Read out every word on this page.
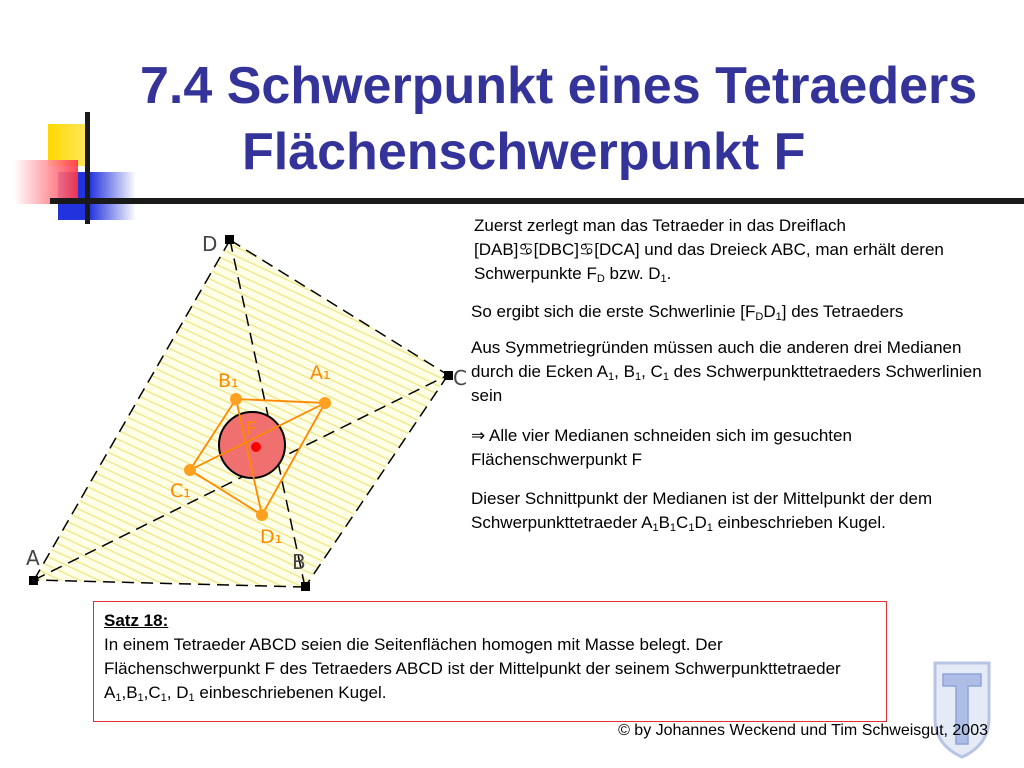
7.4 Schwerpunkt eines Tetraeders
Flächenschwerpunkt F
D
C
A	B
A₁
B₁
C₁
D₁
F

Zuerst zerlegt man das Tetraeder in das Dreiflach [DAB]♋[DBC]♋[DCA] und das Dreieck ABC, man erhält deren Schwerpunkte $F_D$ bzw. $D_1$.

So ergibt sich die erste Schwerlinie $[F_DD_1]$ des Tetraeders

Aus Symmetriegründen müssen auch die anderen drei Medianen durch die Ecken $A_1$, $B_1$, $C_1$ des Schwerpunkttetraeders Schwerlinien sein

⇒ Alle vier Medianen schneiden sich im gesuchten Flächenschwerpunkt F

Dieser Schnittpunkt der Medianen ist der Mittelpunkt der dem Schwerpunkttetraeder $A_1B_1C_1D_1$ einbeschrieben Kugel.

Satz 18:
In einem Tetraeder ABCD seien die Seitenflächen homogen mit Masse belegt. Der Flächenschwerpunkt F des Tetraeders ABCD ist der Mittelpunkt der seinem Schwerpunkttetraeder $A_1,B_1,C_1$, $D_1$ einbeschriebenen Kugel.
© by Johannes Weckend und Tim Schweisgut, 2003
